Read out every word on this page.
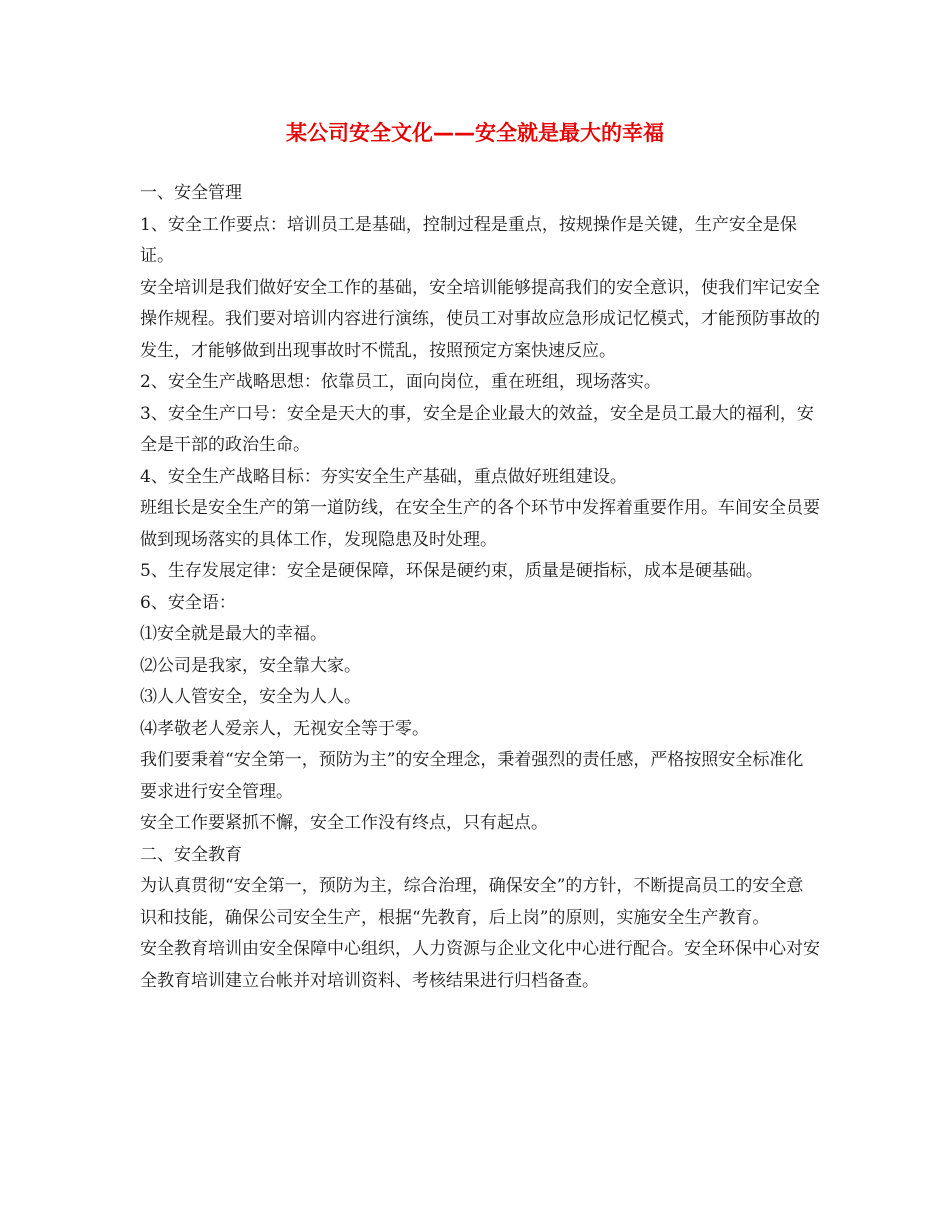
某公司安全文化——安全就是最大的幸福

一、安全管理

1、安全工作要点：培训员工是基础，控制过程是重点，按规操作是关键，生产安全是保证。

安全培训是我们做好安全工作的基础，安全培训能够提高我们的安全意识，使我们牢记安全操作规程。我们要对培训内容进行演练，使员工对事故应急形成记忆模式，才能预防事故的发生，才能够做到出现事故时不慌乱，按照预定方案快速反应。

2、安全生产战略思想：依靠员工，面向岗位，重在班组，现场落实。

3、安全生产口号：安全是天大的事，安全是企业最大的效益，安全是员工最大的福利，安全是干部的政治生命。

4、安全生产战略目标：夯实安全生产基础，重点做好班组建设。

班组长是安全生产的第一道防线，在安全生产的各个环节中发挥着重要作用。车间安全员要做到现场落实的具体工作，发现隐患及时处理。

5、生存发展定律：安全是硬保障，环保是硬约束，质量是硬指标，成本是硬基础。

6、安全语：

⑴安全就是最大的幸福。

⑵公司是我家，安全靠大家。

⑶人人管安全，安全为人人。

⑷孝敬老人爱亲人，无视安全等于零。

我们要秉着“安全第一，预防为主”的安全理念，秉着强烈的责任感，严格按照安全标准化要求进行安全管理。

安全工作要紧抓不懈，安全工作没有终点，只有起点。

二、安全教育

为认真贯彻“安全第一，预防为主，综合治理，确保安全”的方针，不断提高员工的安全意识和技能，确保公司安全生产，根据“先教育，后上岗”的原则，实施安全生产教育。

安全教育培训由安全保障中心组织，人力资源与企业文化中心进行配合。安全环保中心对安全教育培训建立台帐并对培训资料、考核结果进行归档备查。
